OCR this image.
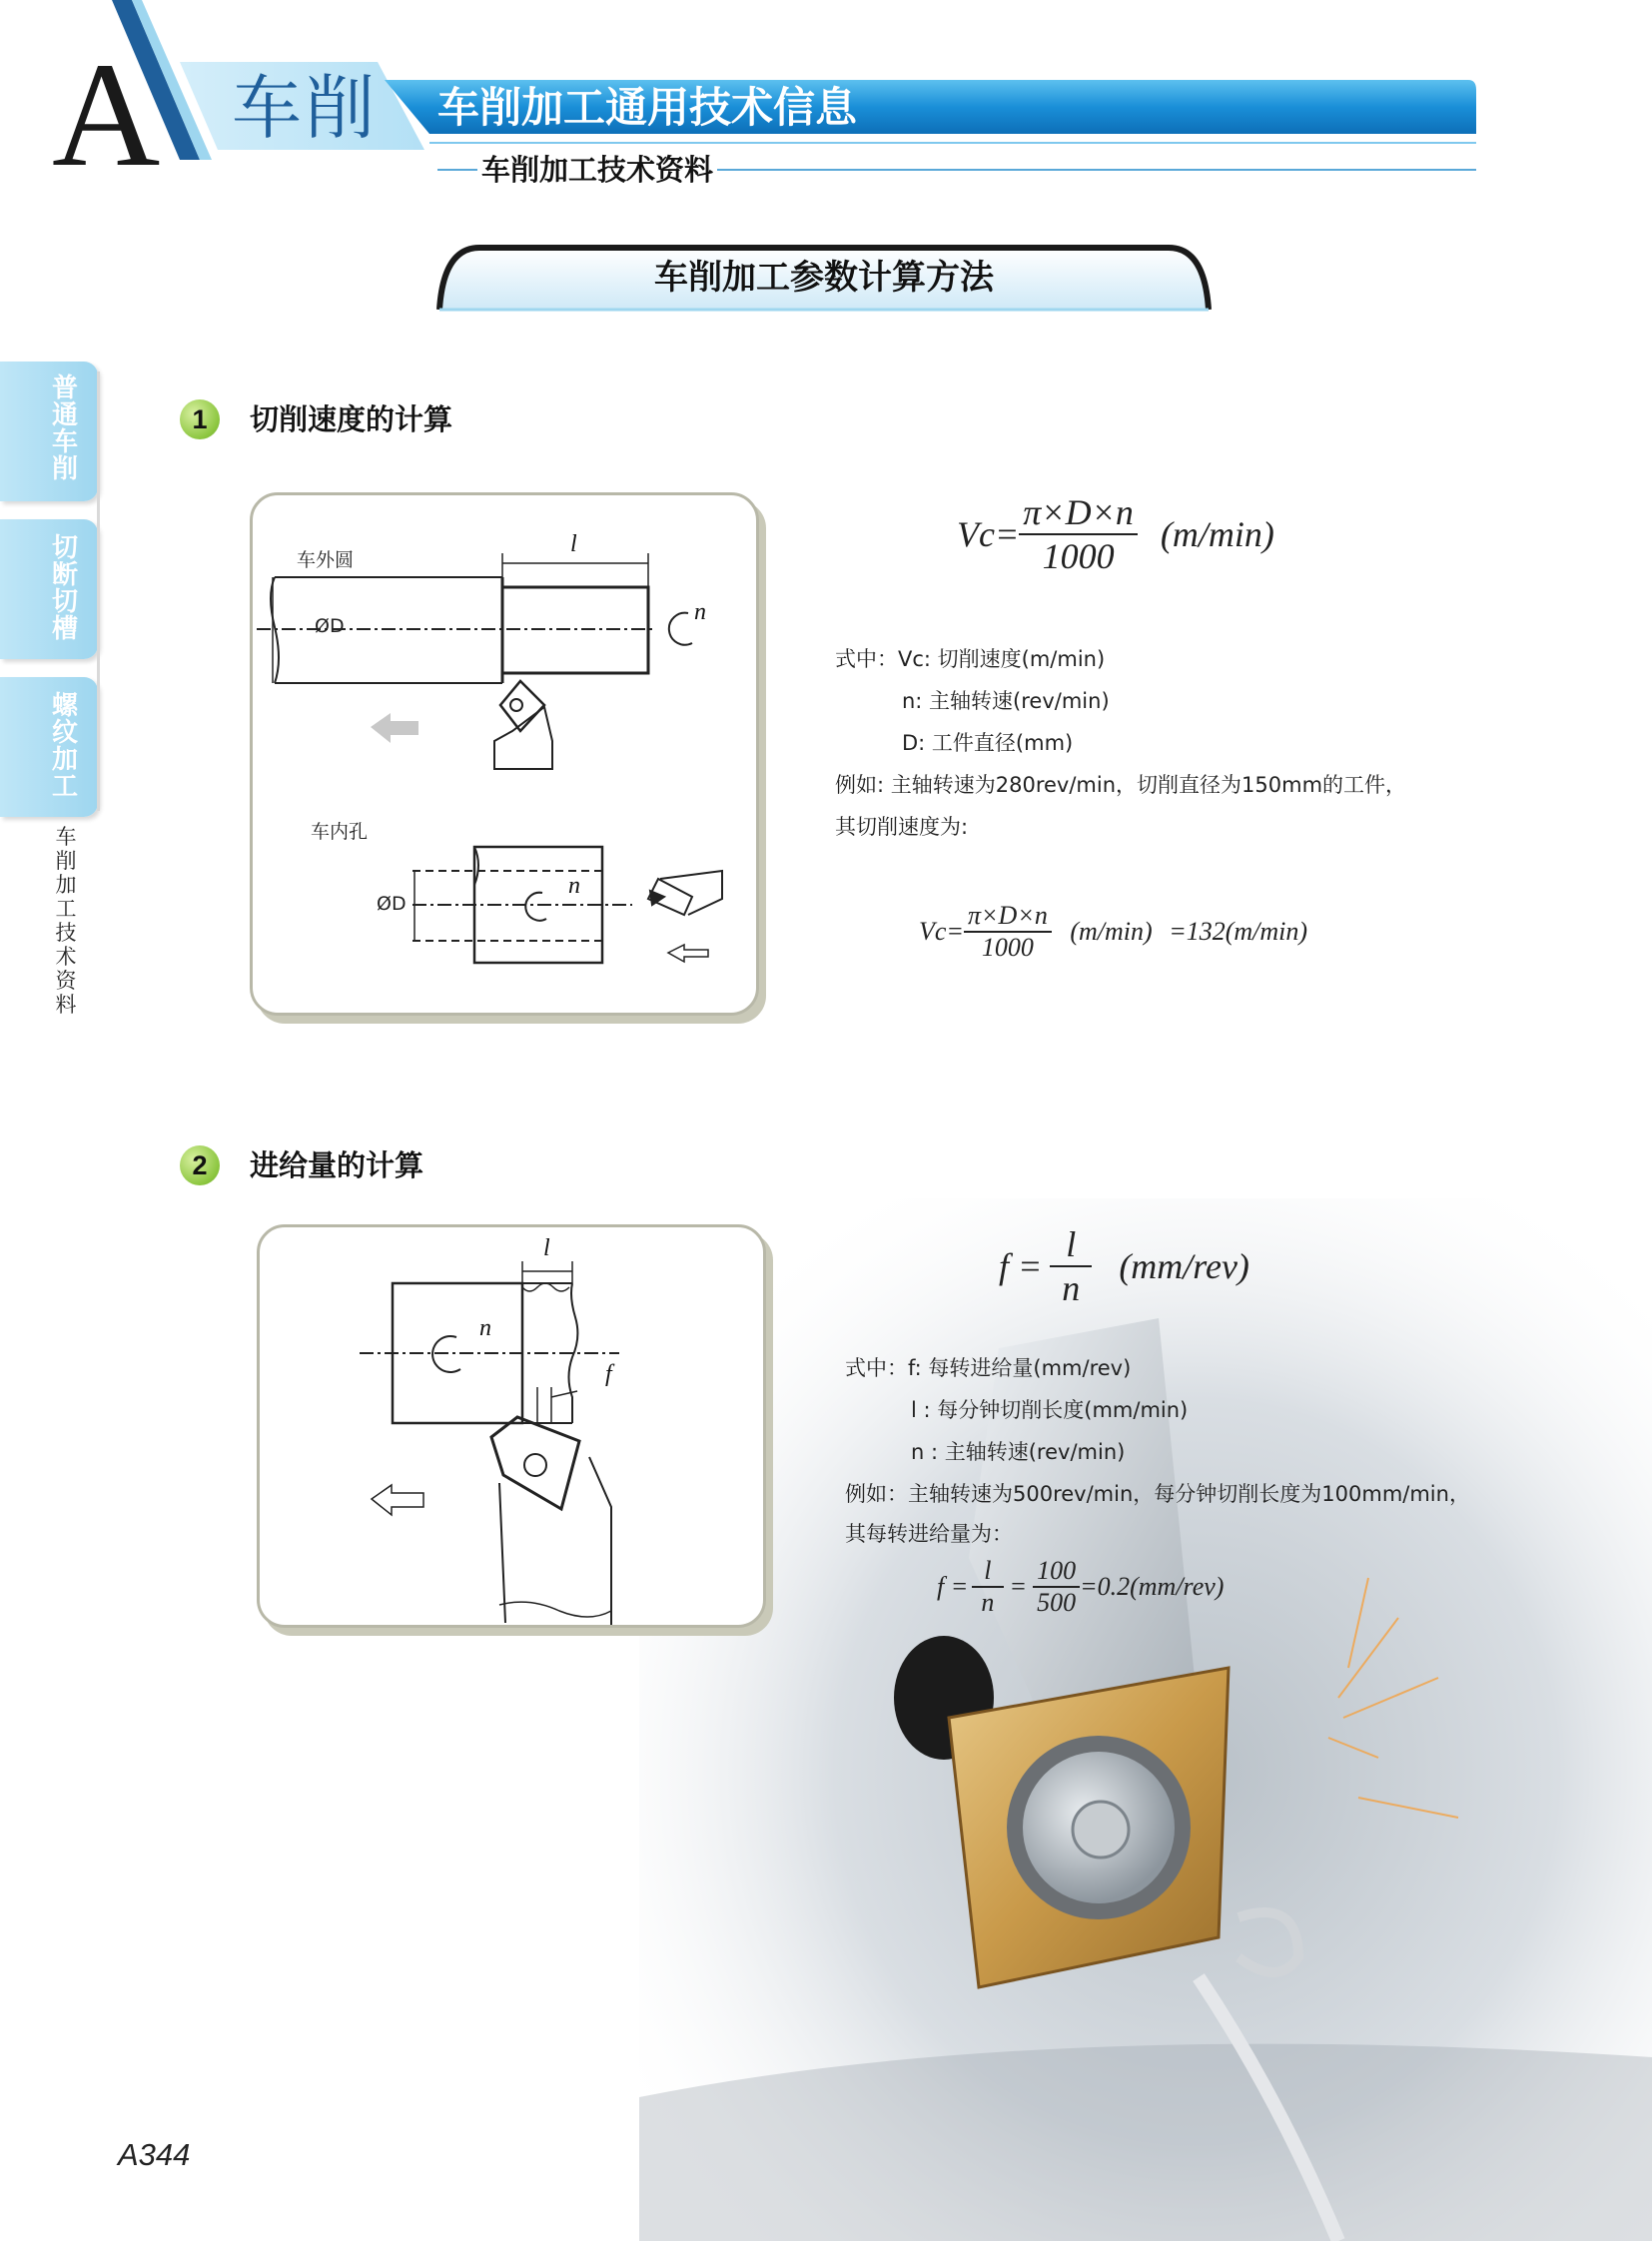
A 车削 车削加工通用技术信息
车削加工技术资料
车削加工参数计算方法
普通车削
切断切槽
螺纹加工
车削加工技术资料
1	切削速度的计算
车外圆
车内孔
ØD
ØD
l
n
n
$Vc= \frac{\pi\times D\times n}{1000} (m/\min)$
式中：Vc: 切削速度(m/min)
n: 主轴转速(rev/min)
D: 工件直径(mm)
例如: 主轴转速为280rev/min，切削直径为150mm的工件，
其切削速度为:
$Vc= \frac{\pi\times D\times n}{1000} (m/\min) =132(m/\min)$
2	进给量的计算
l
n
f
$f = \frac{l}{n} (mm/rev)$
式中：f: 每转进给量(mm/rev)
l : 每分钟切削长度(mm/min)
n : 主轴转速(rev/min)
例如：主轴转速为500rev/min，每分钟切削长度为100mm/min，
其每转进给量为：
$f = \frac{l}{n} = \frac{100}{500} =0.2(mm/rev)$
A344
